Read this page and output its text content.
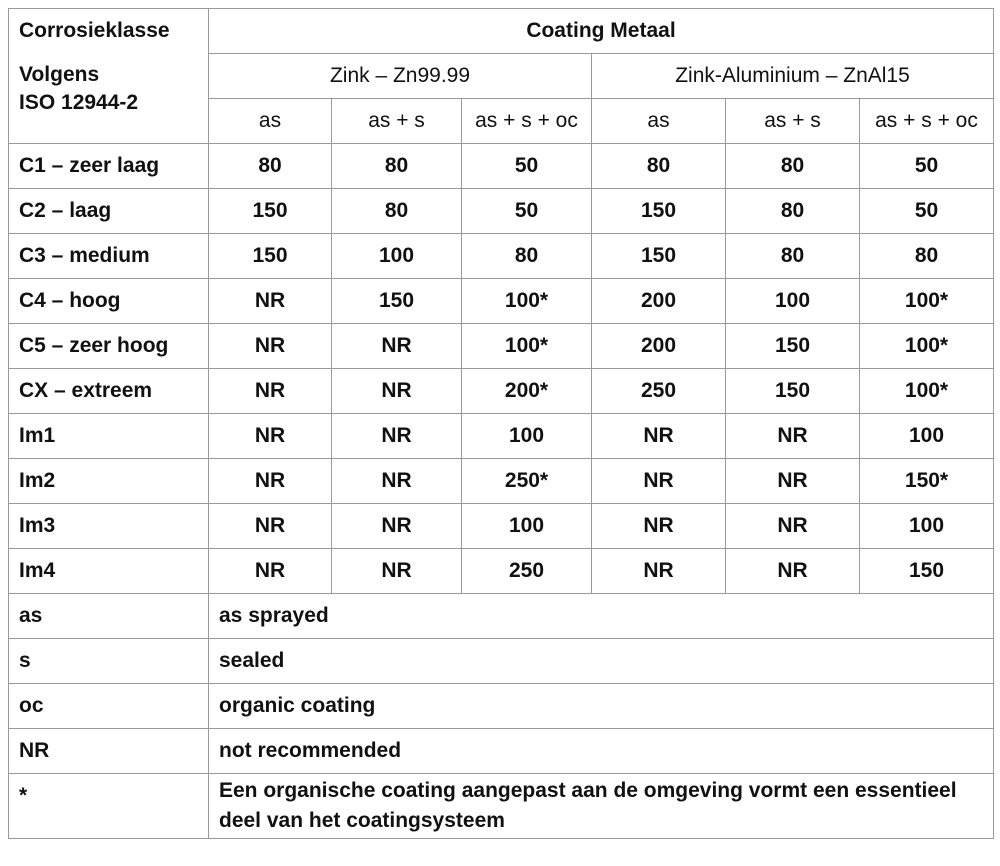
Corrosieklasse
Volgens
ISO 12944-2	Coating Metaal					
	Zink – Zn99.99			Zink-Aluminium – ZnAl15		
	as	as + s	as + s + oc	as	as + s	as + s + oc
C1 – zeer laag	80	80	50	80	80	50
C2 – laag	150	80	50	150	80	50
C3 – medium	150	100	80	150	80	80
C4 – hoog	NR	150	100*	200	100	100*
C5 – zeer hoog	NR	NR	100*	200	150	100*
CX – extreem	NR	NR	200*	250	150	100*
Im1	NR	NR	100	NR	NR	100
Im2	NR	NR	250*	NR	NR	150*
Im3	NR	NR	100	NR	NR	100
Im4	NR	NR	250	NR	NR	150
as	as sprayed					
s	sealed					
oc	organic coating					
NR	not recommended					
*	Een organische coating aangepast aan de omgeving vormt een essentieel deel van het coatingsysteem					
